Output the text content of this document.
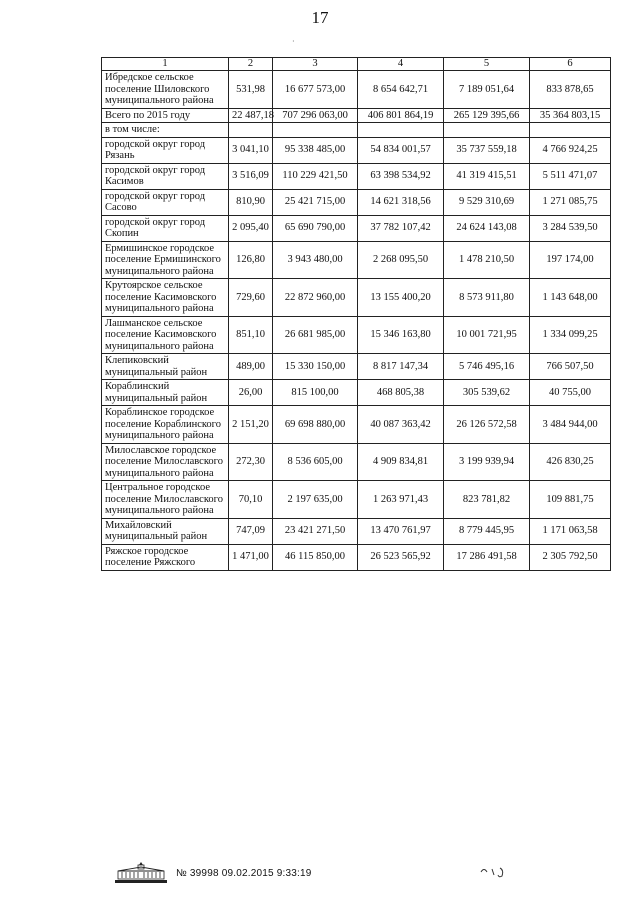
17
·
1	2	3	4	5	6
Ибредское сельское поселение Шиловского муниципального района	531,98	16 677 573,00	8 654 642,71	7 189 051,64	833 878,65
Всего по 2015 году	22 487,18	707 296 063,00	406 801 864,19	265 129 395,66	35 364 803,15
в том числе:					
городской округ город Рязань	3 041,10	95 338 485,00	54 834 001,57	35 737 559,18	4 766 924,25
городской округ город Касимов	3 516,09	110 229 421,50	63 398 534,92	41 319 415,51	5 511 471,07
городской округ город Сасово	810,90	25 421 715,00	14 621 318,56	9 529 310,69	1 271 085,75
городской округ город Скопин	2 095,40	65 690 790,00	37 782 107,42	24 624 143,08	3 284 539,50
Ермишинское городское поселение Ермишинского муниципального района	126,80	3 943 480,00	2 268 095,50	1 478 210,50	197 174,00
Крутоярское сельское поселение Касимовского муниципального района	729,60	22 872 960,00	13 155 400,20	8 573 911,80	1 143 648,00
Лашманское сельское поселение Касимовского муниципального района	851,10	26 681 985,00	15 346 163,80	10 001 721,95	1 334 099,25
Клепиковский муниципальный район	489,00	15 330 150,00	8 817 147,34	5 746 495,16	766 507,50
Кораблинский муниципальный район	26,00	815 100,00	468 805,38	305 539,62	40 755,00
Кораблинское городское поселение Кораблинского муниципального района	2 151,20	69 698 880,00	40 087 363,42	26 126 572,58	3 484 944,00
Милославское городское поселение Милославского муниципального района	272,30	8 536 605,00	4 909 834,81	3 199 939,94	426 830,25
Центральное городское поселение Милославского муниципального района	70,10	2 197 635,00	1 263 971,43	823 781,82	109 881,75
Михайловский муниципальный район	747,09	23 421 271,50	13 470 761,97	8 779 445,95	1 171 063,58
Ряжское городское поселение Ряжского	1 471,00	46 115 850,00	26 523 565,92	17 286 491,58	2 305 792,50
№ 39998 09.02.2015 9:33:19
